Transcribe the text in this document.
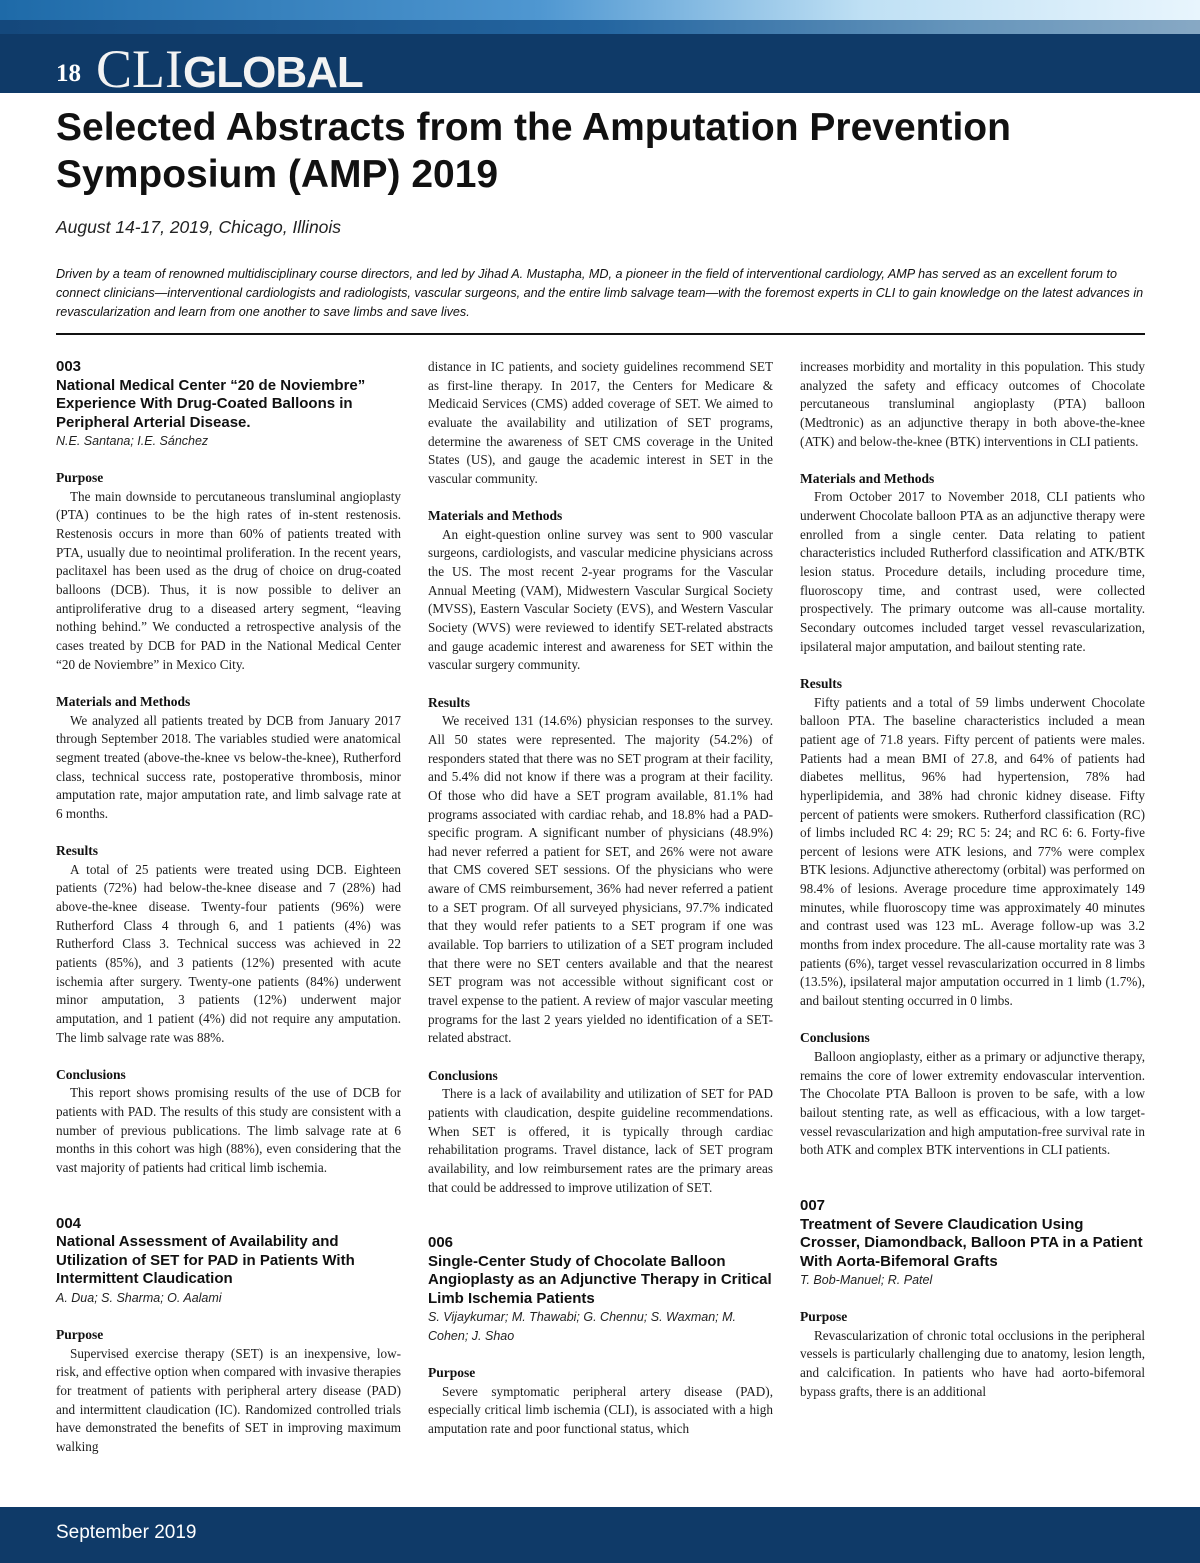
18 CLIGLOBAL
Selected Abstracts from the Amputation Prevention Symposium (AMP) 2019
August 14-17, 2019, Chicago, Illinois

Driven by a team of renowned multidisciplinary course directors, and led by Jihad A. Mustapha, MD, a pioneer in the field of interventional cardiology, AMP has served as an excellent forum to connect clinicians—interventional cardiologists and radiologists, vascular surgeons, and the entire limb salvage team—with the foremost experts in CLI to gain knowledge on the latest advances in revascularization and learn from one another to save limbs and save lives.

003
National Medical Center “20 de Noviembre” Experience With Drug-Coated Balloons in Peripheral Arterial Disease.
N.E. Santana; I.E. Sánchez
Purpose

The main downside to percutaneous transluminal angioplasty (PTA) continues to be the high rates of in-stent restenosis. Restenosis occurs in more than 60% of patients treated with PTA, usually due to neointimal proliferation. In the recent years, paclitaxel has been used as the drug of choice on drug-coated balloons (DCB). Thus, it is now possible to deliver an antiproliferative drug to a diseased artery segment, “leaving nothing behind.” We conducted a retrospective analysis of the cases treated by DCB for PAD in the National Medical Center “20 de Noviembre” in Mexico City.

Materials and Methods

We analyzed all patients treated by DCB from January 2017 through September 2018. The variables studied were anatomical segment treated (above-the-knee vs below-the-knee), Rutherford class, technical success rate, postoperative thrombosis, minor amputation rate, major amputation rate, and limb salvage rate at 6 months.

Results

A total of 25 patients were treated using DCB. Eighteen patients (72%) had below-the-knee disease and 7 (28%) had above-the-knee disease. Twenty-four patients (96%) were Rutherford Class 4 through 6, and 1 patients (4%) was Rutherford Class 3. Technical success was achieved in 22 patients (85%), and 3 patients (12%) presented with acute ischemia after surgery. Twenty-one patients (84%) underwent minor amputation, 3 patients (12%) underwent major amputation, and 1 patient (4%) did not require any amputation. The limb salvage rate was 88%.

Conclusions

This report shows promising results of the use of DCB for patients with PAD. The results of this study are consistent with a number of previous publications. The limb salvage rate at 6 months in this cohort was high (88%), even considering that the vast majority of patients had critical limb ischemia.

004
National Assessment of Availability and Utilization of SET for PAD in Patients With Intermittent Claudication
A. Dua; S. Sharma; O. Aalami
Purpose

Supervised exercise therapy (SET) is an inexpensive, low-risk, and effective option when compared with invasive therapies for treatment of patients with peripheral artery disease (PAD) and intermittent claudication (IC). Randomized controlled trials have demonstrated the benefits of SET in improving maximum walking

distance in IC patients, and society guidelines recommend SET as first-line therapy. In 2017, the Centers for Medicare & Medicaid Services (CMS) added coverage of SET. We aimed to evaluate the availability and utilization of SET programs, determine the awareness of SET CMS coverage in the United States (US), and gauge the academic interest in SET in the vascular community.

Materials and Methods

An eight-question online survey was sent to 900 vascular surgeons, cardiologists, and vascular medicine physicians across the US. The most recent 2-year programs for the Vascular Annual Meeting (VAM), Midwestern Vascular Surgical Society (MVSS), Eastern Vascular Society (EVS), and Western Vascular Society (WVS) were reviewed to identify SET-related abstracts and gauge academic interest and awareness for SET within the vascular surgery community.

Results

We received 131 (14.6%) physician responses to the survey. All 50 states were represented. The majority (54.2%) of responders stated that there was no SET program at their facility, and 5.4% did not know if there was a program at their facility. Of those who did have a SET program available, 81.1% had programs associated with cardiac rehab, and 18.8% had a PAD-specific program. A significant number of physicians (48.9%) had never referred a patient for SET, and 26% were not aware that CMS covered SET sessions. Of the physicians who were aware of CMS reimbursement, 36% had never referred a patient to a SET program. Of all surveyed physicians, 97.7% indicated that they would refer patients to a SET program if one was available. Top barriers to utilization of a SET program included that there were no SET centers available and that the nearest SET program was not accessible without significant cost or travel expense to the patient. A review of major vascular meeting programs for the last 2 years yielded no identification of a SET-related abstract.

Conclusions

There is a lack of availability and utilization of SET for PAD patients with claudication, despite guideline recommendations. When SET is offered, it is typically through cardiac rehabilitation programs. Travel distance, lack of SET program availability, and low reimbursement rates are the primary areas that could be addressed to improve utilization of SET.

006
Single-Center Study of Chocolate Balloon Angioplasty as an Adjunctive Therapy in Critical Limb Ischemia Patients
S. Vijaykumar; M. Thawabi; G. Chennu; S. Waxman; M. Cohen; J. Shao
Purpose

Severe symptomatic peripheral artery disease (PAD), especially critical limb ischemia (CLI), is associated with a high amputation rate and poor functional status, which

increases morbidity and mortality in this population. This study analyzed the safety and efficacy outcomes of Chocolate percutaneous transluminal angioplasty (PTA) balloon (Medtronic) as an adjunctive therapy in both above-the-knee (ATK) and below-the-knee (BTK) interventions in CLI patients.

Materials and Methods

From October 2017 to November 2018, CLI patients who underwent Chocolate balloon PTA as an adjunctive therapy were enrolled from a single center. Data relating to patient characteristics included Rutherford classification and ATK/BTK lesion status. Procedure details, including procedure time, fluoroscopy time, and contrast used, were collected prospectively. The primary outcome was all-cause mortality. Secondary outcomes included target vessel revascularization, ipsilateral major amputation, and bailout stenting rate.

Results

Fifty patients and a total of 59 limbs underwent Chocolate balloon PTA. The baseline characteristics included a mean patient age of 71.8 years. Fifty percent of patients were males. Patients had a mean BMI of 27.8, and 64% of patients had diabetes mellitus, 96% had hypertension, 78% had hyperlipidemia, and 38% had chronic kidney disease. Fifty percent of patients were smokers. Rutherford classification (RC) of limbs included RC 4: 29; RC 5: 24; and RC 6: 6. Forty-five percent of lesions were ATK lesions, and 77% were complex BTK lesions. Adjunctive atherectomy (orbital) was performed on 98.4% of lesions. Average procedure time approximately 149 minutes, while fluoroscopy time was approximately 40 minutes and contrast used was 123 mL. Average follow-up was 3.2 months from index procedure. The all-cause mortality rate was 3 patients (6%), target vessel revascularization occurred in 8 limbs (13.5%), ipsilateral major amputation occurred in 1 limb (1.7%), and bailout stenting occurred in 0 limbs.

Conclusions

Balloon angioplasty, either as a primary or adjunctive therapy, remains the core of lower extremity endovascular intervention. The Chocolate PTA Balloon is proven to be safe, with a low bailout stenting rate, as well as efficacious, with a low target-vessel revascularization and high amputation-free survival rate in both ATK and complex BTK interventions in CLI patients.

007
Treatment of Severe Claudication Using Crosser, Diamondback, Balloon PTA in a Patient With Aorta-Bifemoral Grafts
T. Bob-Manuel; R. Patel
Purpose

Revascularization of chronic total occlusions in the peripheral vessels is particularly challenging due to anatomy, lesion length, and calcification. In patients who have had aorto-bifemoral bypass grafts, there is an additional

September 2019
